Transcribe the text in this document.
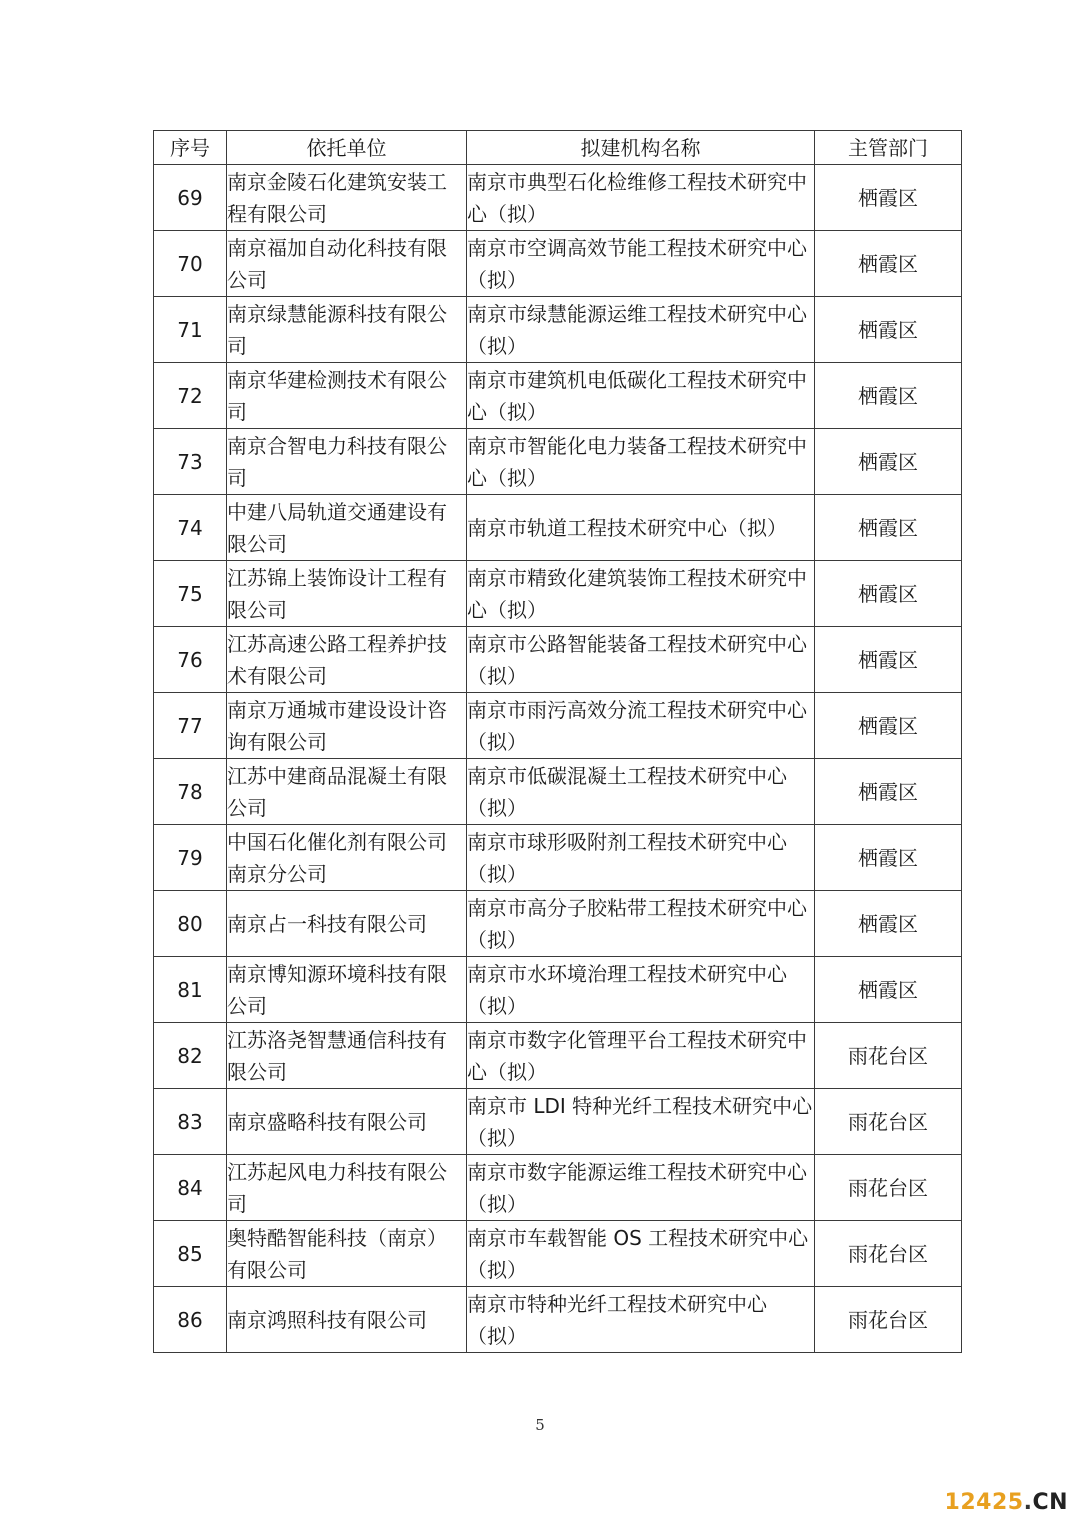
序号	依托单位	拟建机构名称	主管部门
69	南京金陵石化建筑安装工程有限公司	南京市典型石化检维修工程技术研究中心（拟）	栖霞区
70	南京福加自动化科技有限公司	南京市空调高效节能工程技术研究中心（拟）	栖霞区
71	南京绿慧能源科技有限公司	南京市绿慧能源运维工程技术研究中心（拟）	栖霞区
72	南京华建检测技术有限公司	南京市建筑机电低碳化工程技术研究中心（拟）	栖霞区
73	南京合智电力科技有限公司	南京市智能化电力装备工程技术研究中心（拟）	栖霞区
74	中建八局轨道交通建设有限公司	南京市轨道工程技术研究中心（拟）	栖霞区
75	江苏锦上装饰设计工程有限公司	南京市精致化建筑装饰工程技术研究中心（拟）	栖霞区
76	江苏高速公路工程养护技术有限公司	南京市公路智能装备工程技术研究中心（拟）	栖霞区
77	南京万通城市建设设计咨询有限公司	南京市雨污高效分流工程技术研究中心（拟）	栖霞区
78	江苏中建商品混凝土有限公司	南京市低碳混凝土工程技术研究中心（拟）	栖霞区
79	中国石化催化剂有限公司南京分公司	南京市球形吸附剂工程技术研究中心（拟）	栖霞区
80	南京占一科技有限公司	南京市高分子胶粘带工程技术研究中心（拟）	栖霞区
81	南京博知源环境科技有限公司	南京市水环境治理工程技术研究中心（拟）	栖霞区
82	江苏洛尧智慧通信科技有限公司	南京市数字化管理平台工程技术研究中心（拟）	雨花台区
83	南京盛略科技有限公司	南京市 LDI 特种光纤工程技术研究中心（拟）	雨花台区
84	江苏起风电力科技有限公司	南京市数字能源运维工程技术研究中心（拟）	雨花台区
85	奥特酷智能科技（南京）有限公司	南京市车载智能 OS 工程技术研究中心（拟）	雨花台区
86	南京鸿照科技有限公司	南京市特种光纤工程技术研究中心（拟）	雨花台区
5
12425.CN
